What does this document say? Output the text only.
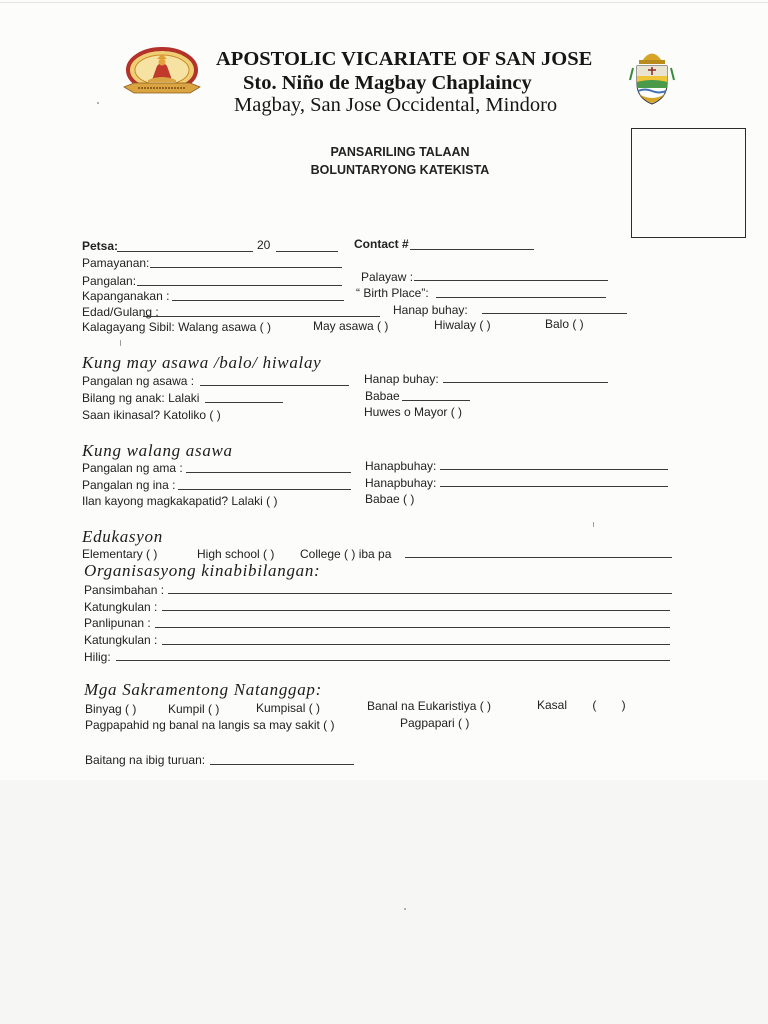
APOSTOLIC VICARIATE OF SAN JOSE
Sto. Niño de Magbay Chaplaincy
Magbay, San Jose Occidental, Mindoro
PANSARILING TALAAN
BOLUNTARYONG KATEKISTA
Petsa:	20	Contact #
Pamayanan:
Pangalan:	Palayaw :
Kapanganakan :	“ Birth Place”:
Edad/Gulang :	Hanap buhay:
Kalagayang Sibil: Walang asawa ( )	May asawa ( )	Hiwalay ( )	Balo ( )
Kung may asawa /balo/ hiwalay
Pangalan ng asawa :	Hanap buhay:
Bilang ng anak: Lalaki	Babae
Saan ikinasal? Katoliko ( )	Huwes o Mayor ( )
Kung walang asawa
Pangalan ng ama :	Hanapbuhay:
Pangalan ng ina :	Hanapbuhay:
Ilan kayong magkakapatid? Lalaki ( )	Babae ( )
Edukasyon
Elementary ( )	High school ( ) College ( ) iba pa
Organisasyong kinabibilangan:
Pansimbahan :
Katungkulan :
Panlipunan :
Katungkulan :
Hilig:
Mga Sakramentong Natanggap:
Binyag ( )	Kumpil ( )	Kumpisal ( )	Banal na Eukaristiya ( )	Kasal ( )
Pagpapahid ng banal na langis sa may sakit ( )	Pagpapari ( )
Baitang na ibig turuan:
